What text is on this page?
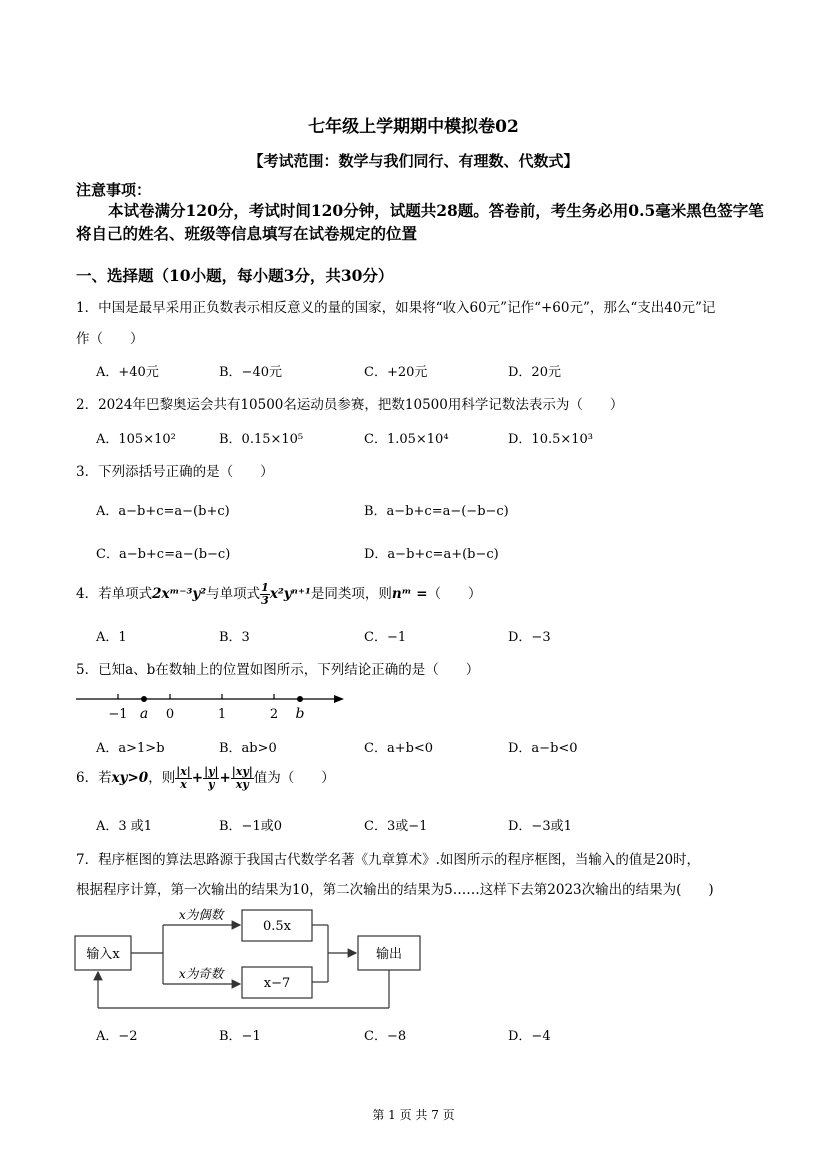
七年级上学期期中模拟卷02
【考试范围：数学与我们同行、有理数、代数式】
注意事项：
本试卷满分120分，考试时间120分钟，试题共28题。答卷前，考生务必用0.5毫米黑色签字笔将自己的姓名、班级等信息填写在试卷规定的位置
一、选择题（10小题，每小题3分，共30分）
1．中国是最早采用正负数表示相反意义的量的国家，如果将“收入60元”记作“+60元”，那么“支出40元”记
作（　　）
A．+40元	B．−40元	C．+20元	D．20元
2．2024年巴黎奥运会共有10500名运动员参赛，把数10500用科学记数法表示为（　　）
A．105×10²	B．0.15×10⁵	C．1.05×10⁴	D．10.5×10³
3．下列添括号正确的是（　　）
A．a−b+c=a−(b+c)	B．a−b+c=a−(−b−c)
C．a−b+c=a−(b−c)	D．a−b+c=a+(b−c)
4．若单项式2xᵐ⁻³y²与单项式 $\frac{1}{3} x^2y^{n+1}$是同类项，则nᵐ =（　　）
A．1	B．3	C．−1	D．−3
5．已知a、b在数轴上的位置如图所示，下列结论正确的是（　　）
−1	0	1	2
a	b
A．a>1>b	B．ab>0	C．a+b<0	D．a−b<0
6．若xy>0，则 $\frac{|x|}{x} + \frac{|y|}{y} + \frac{|xy|}{xy}$ 值为（　　）
A．3 或1	B．−1或0	C．3或−1	D．−3或1
7．程序框图的算法思路源于我国古代数学名著《九章算术》.如图所示的程序框图，当输入的值是20时，
根据程序计算，第一次输出的结果为10，第二次输出的结果为5……这样下去第2023次输出的结果为(　　)
输入x
x为偶数
x为奇数
0.5x
x−7
输出
A．−2	B．−1	C．−8	D．−4
第 1 页 共 7 页
